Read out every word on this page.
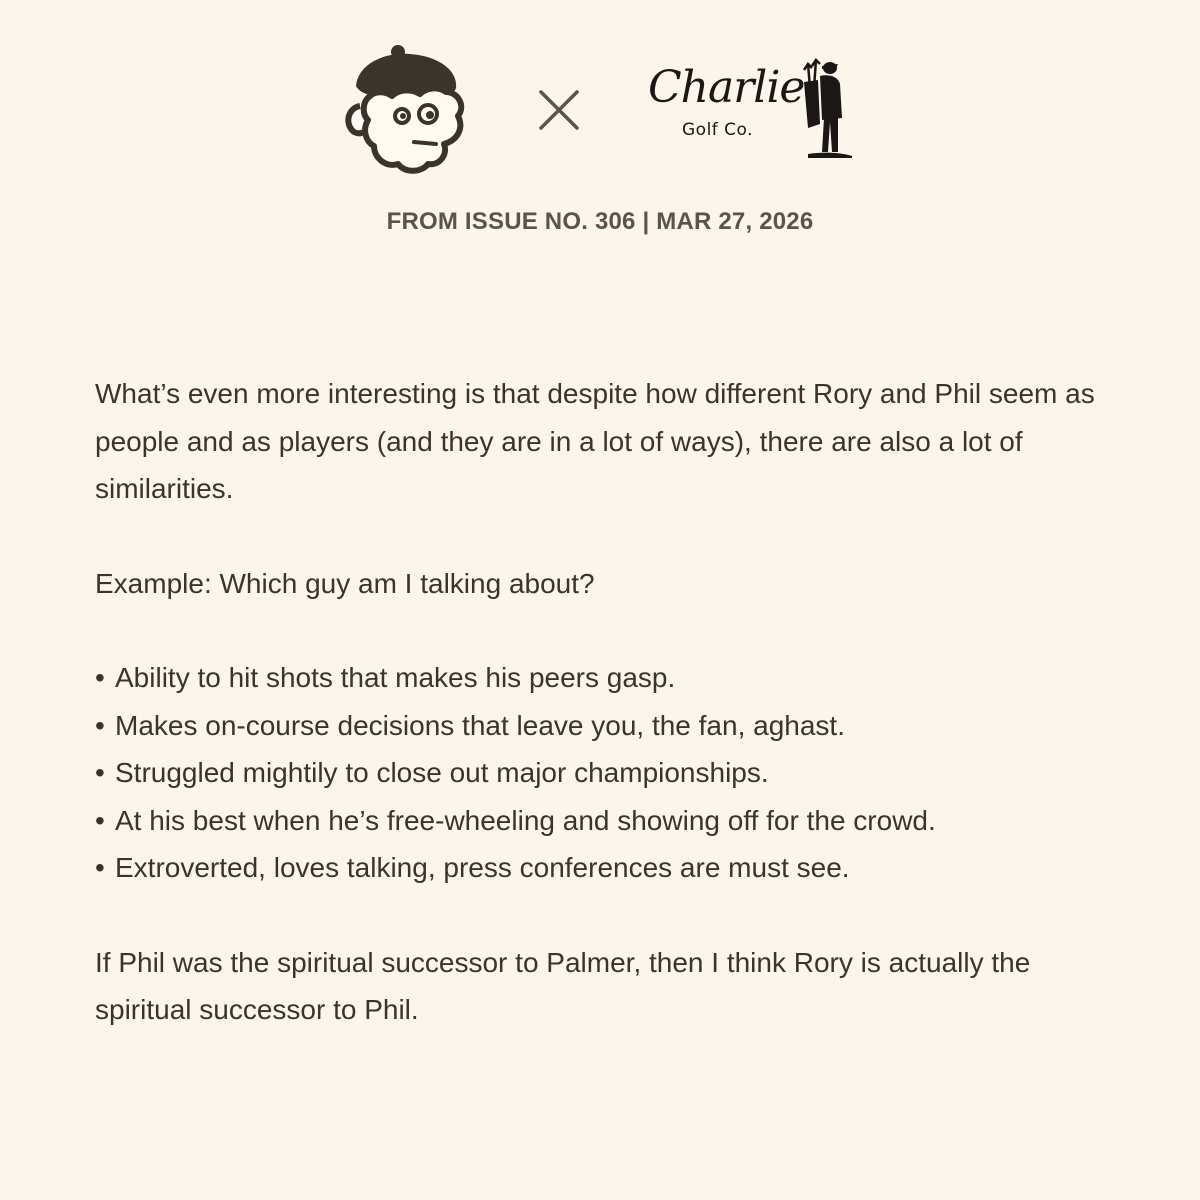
Charlie
Golf Co.
FROM ISSUE NO. 306 | MAR 27, 2026

What’s even more interesting is that despite how different Rory and Phil seem as people and as players (and they are in a lot of ways), there are also a lot of similarities.

Example: Which guy am I talking about?

• Ability to hit shots that makes his peers gasp.
• Makes on-course decisions that leave you, the fan, aghast.
• Struggled mightily to close out major championships.
• At his best when he’s free-wheeling and showing off for the crowd.
• Extroverted, loves talking, press conferences are must see.

If Phil was the spiritual successor to Palmer, then I think Rory is actually the spiritual successor to Phil.
